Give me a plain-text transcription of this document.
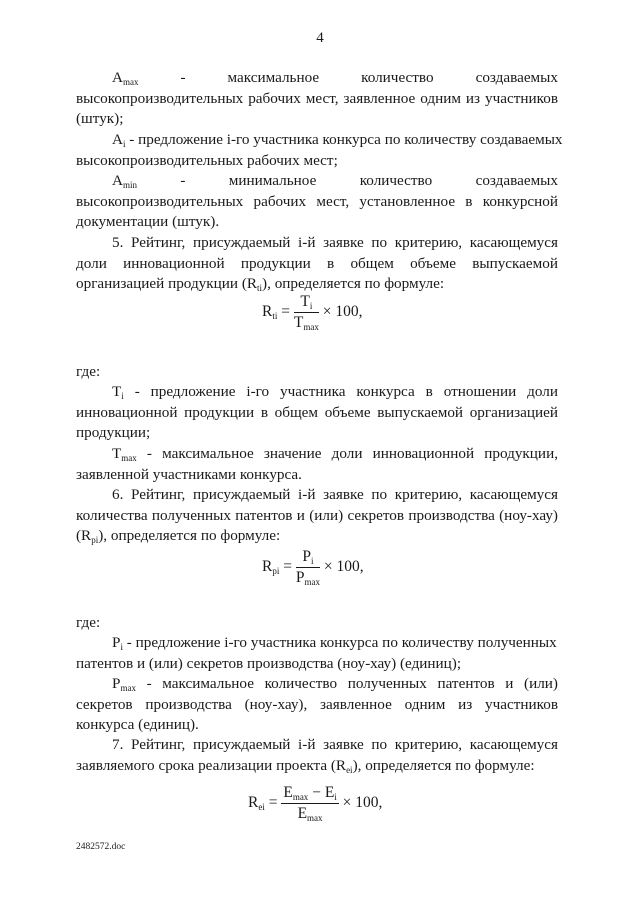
4
$A_{max}$	-	максимальное	количество	создаваемых
высокопроизводительных рабочих мест, заявленное одним из участников
(штук);
$A_i$ - предложение i-го участника конкурса по количеству создаваемых
высокопроизводительных рабочих мест;
$A_{min}$	-	минимальное	количество	создаваемых
высокопроизводительных рабочих мест, установленное в конкурсной
документации (штук).
5. Рейтинг, присуждаемый i-й заявке по критерию, касающемуся
доли инновационной продукции в общем объеме выпускаемой
организацией продукции $(R_{ti})$, определяется по формуле:
$R_{ti} = \frac{T_i}{T_{max}} \times 100$,
где:
$T_i$ - предложение i-го участника конкурса в отношении доли
инновационной продукции в общем объеме выпускаемой организацией
продукции;
$T_{max}$ - максимальное значение доли инновационной продукции,
заявленной участниками конкурса.
6. Рейтинг, присуждаемый i-й заявке по критерию, касающемуся
количества полученных патентов и (или) секретов производства (ноу-хау)
$(R_{pi})$, определяется по формуле:
$R_{pi} = \frac{P_i}{P_{max}} \times 100$,
где:
$P_i$ - предложение i-го участника конкурса по количеству полученных
патентов и (или) секретов производства (ноу-хау) (единиц);
$P_{max}$ - максимальное количество полученных патентов и (или)
секретов производства (ноу-хау), заявленное одним из участников
конкурса (единиц).
7. Рейтинг, присуждаемый i-й заявке по критерию, касающемуся
заявляемого срока реализации проекта $(R_{ei})$, определяется по формуле:
$R_{ei} = \frac{E_{max} - E_i}{E_{max}} \times 100$,
2482572.doc
